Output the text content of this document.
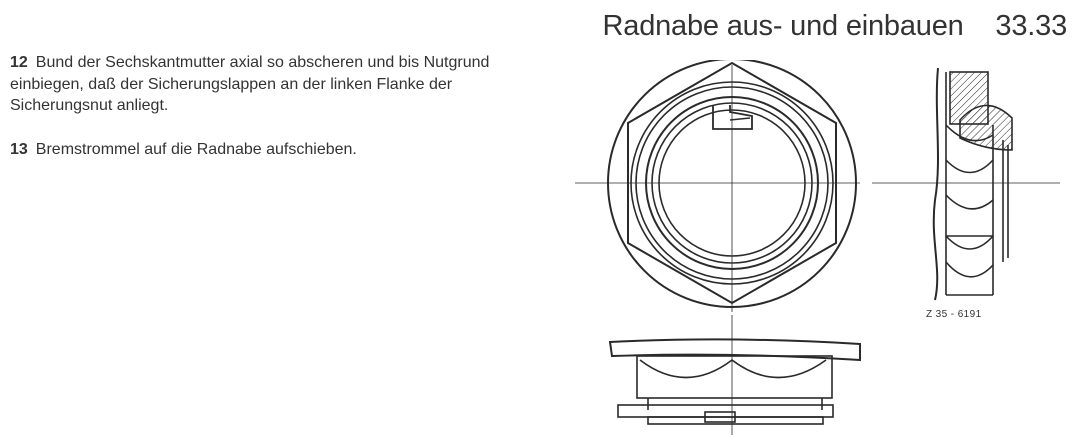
Radnabe aus- und einbauen 33.33

12 Bund der Sechskantmutter axial so abscheren und bis Nutgrund einbiegen, daß der Sicherungslappen an der linken Flanke der Sicherungsnut anliegt.

13 Bremstrommel auf die Radnabe aufschieben.

Z 35 - 6191
